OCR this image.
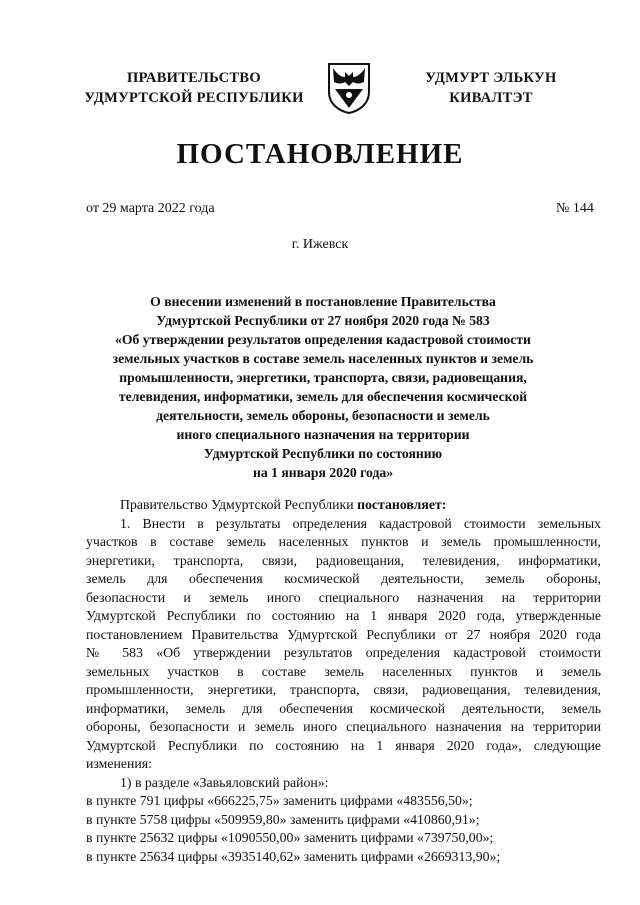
ПРАВИТЕЛЬСТВО
УДМУРТСКОЙ РЕСПУБЛИКИ
УДМУРТ ЭЛЬКУН
КИВАЛТЭТ
ПОСТАНОВЛЕНИЕ
от 29 марта 2022 года	№ 144
г. Ижевск
О внесении изменений в постановление Правительства
Удмуртской Республики от 27 ноября 2020 года № 583
«Об утверждении результатов определения кадастровой стоимости
земельных участков в составе земель населенных пунктов и земель
промышленности, энергетики, транспорта, связи, радиовещания,
телевидения, информатики, земель для обеспечения космической
деятельности, земель обороны, безопасности и земель
иного специального назначения на территории
Удмуртской Республики по состоянию
на 1 января 2020 года»
Правительство Удмуртской Республики постановляет:
1. Внести в результаты определения кадастровой стоимости земельных
участков в составе земель населенных пунктов и земель промышленности,
энергетики, транспорта, связи, радиовещания, телевидения, информатики,
земель для обеспечения космической деятельности, земель обороны,
безопасности и земель иного специального назначения на территории
Удмуртской Республики по состоянию на 1 января 2020 года, утвержденные
постановлением Правительства Удмуртской Республики от 27 ноября 2020 года
№ 583 «Об утверждении результатов определения кадастровой стоимости
земельных участков в составе земель населенных пунктов и земель
промышленности, энергетики, транспорта, связи, радиовещания, телевидения,
информатики, земель для обеспечения космической деятельности, земель
обороны, безопасности и земель иного специального назначения на территории
Удмуртской Республики по состоянию на 1 января 2020 года», следующие
изменения:
1) в разделе «Завьяловский район»:
в пункте 791 цифры «666225,75» заменить цифрами «483556,50»;
в пункте 5758 цифры «509959,80» заменить цифрами «410860,91»;
в пункте 25632 цифры «1090550,00» заменить цифрами «739750,00»;
в пункте 25634 цифры «3935140,62» заменить цифрами «2669313,90»;
